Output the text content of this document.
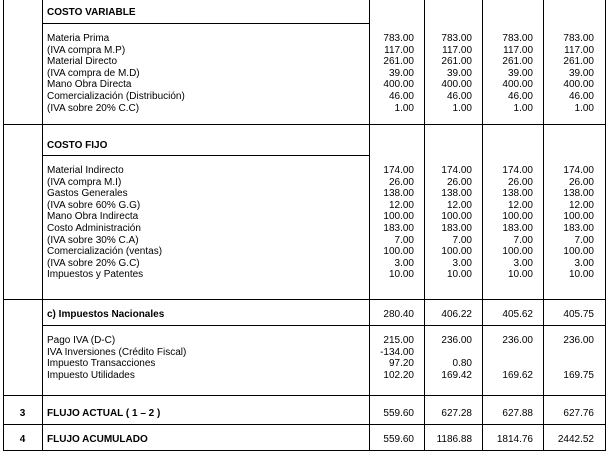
COSTO VARIABLE
Materia Prima	783.00	783.00	783.00	783.00
(IVA compra M.P)	117.00	117.00	117.00	117.00
Material Directo	261.00	261.00	261.00	261.00
(IVA compra de M.D)	39.00	39.00	39.00	39.00
Mano Obra Directa	400.00	400.00	400.00	400.00
Comercialización (Distribución)	46.00	46.00	46.00	46.00
(IVA sobre 20% C.C)	1.00	1.00	1.00	1.00
COSTO FIJO
Material Indirecto	174.00	174.00	174.00	174.00
(IVA compra M.I)	26.00	26.00	26.00	26.00
Gastos Generales	138.00	138.00	138.00	138.00
(IVA sobre 60% G.G)	12.00	12.00	12.00	12.00
Mano Obra Indirecta	100.00	100.00	100.00	100.00
Costo Administración	183.00	183.00	183.00	183.00
(IVA sobre 30% C.A)	7.00	7.00	7.00	7.00
Comercialización (ventas)	100.00	100.00	100.00	100.00
(IVA sobre 20% G.C)	3.00	3.00	3.00	3.00
Impuestos y Patentes	10.00	10.00	10.00	10.00
c) Impuestos Nacionales	280.40	406.22	405.62	405.75
Pago IVA (D-C)	215.00	236.00	236.00	236.00
IVA Inversiones (Crédito Fiscal)	-134.00
Impuesto Transacciones	97.20	0.80
Impuesto Utilidades	102.20	169.42	169.62	169.75
3	FLUJO ACTUAL ( 1 – 2 )	559.60	627.28	627.88	627.76
4	FLUJO ACUMULADO	559.60	1186.88	1814.76	2442.52
